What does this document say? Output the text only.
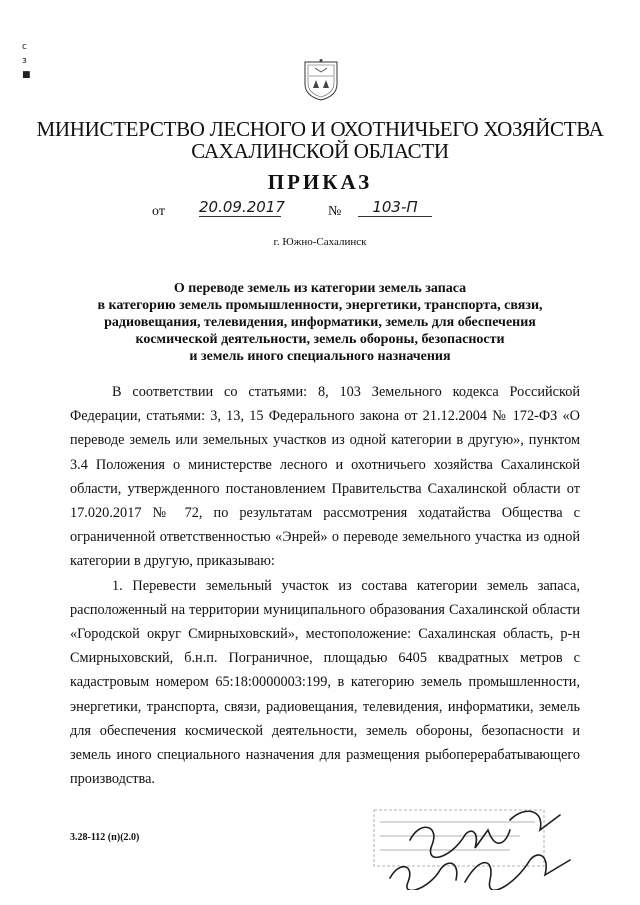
с
з
■
МИНИСТЕРСТВО ЛЕСНОГО И ОХОТНИЧЬЕГО ХОЗЯЙСТВА
САХАЛИНСКОЙ ОБЛАСТИ
ПРИКАЗ
от 20.09.2017	№	103-П
г. Южно-Сахалинск
О переводе земель из категории земель запаса
в категорию земель промышленности, энергетики, транспорта, связи,
радиовещания, телевидения, информатики, земель для обеспечения
космической деятельности, земель обороны, безопасности
и земель иного специального назначения

В соответствии со статьями: 8, 103 Земельного кодекса Российской Федерации, статьями: 3, 13, 15 Федерального закона от 21.12.2004 № 172-ФЗ «О переводе земель или земельных участков из одной категории в другую», пунктом 3.4 Положения о министерстве лесного и охотничьего хозяйства Сахалинской области, утвержденного постановлением Правительства Сахалинской области от 17.020.2017 № 72, по результатам рассмотрения ходатайства Общества с ограниченной ответственностью «Энрей» о переводе земельного участка из одной категории в другую, приказываю:

1. Перевести земельный участок из состава категории земель запаса, расположенный на территории муниципального образования Сахалинской области «Городской округ Смирныховский», местоположение: Сахалинская область, р-н Смирныховский, б.н.п. Пограничное, площадью 6405 квадратных метров с кадастровым номером 65:18:0000003:199, в категорию земель промышленности, энергетики, транспорта, связи, радиовещания, телевидения, информатики, земель для обеспечения космической деятельности, земель обороны, безопасности и земель иного специального назначения для размещения рыбоперерабатывающего производства.

3.28-112 (п)(2.0)
